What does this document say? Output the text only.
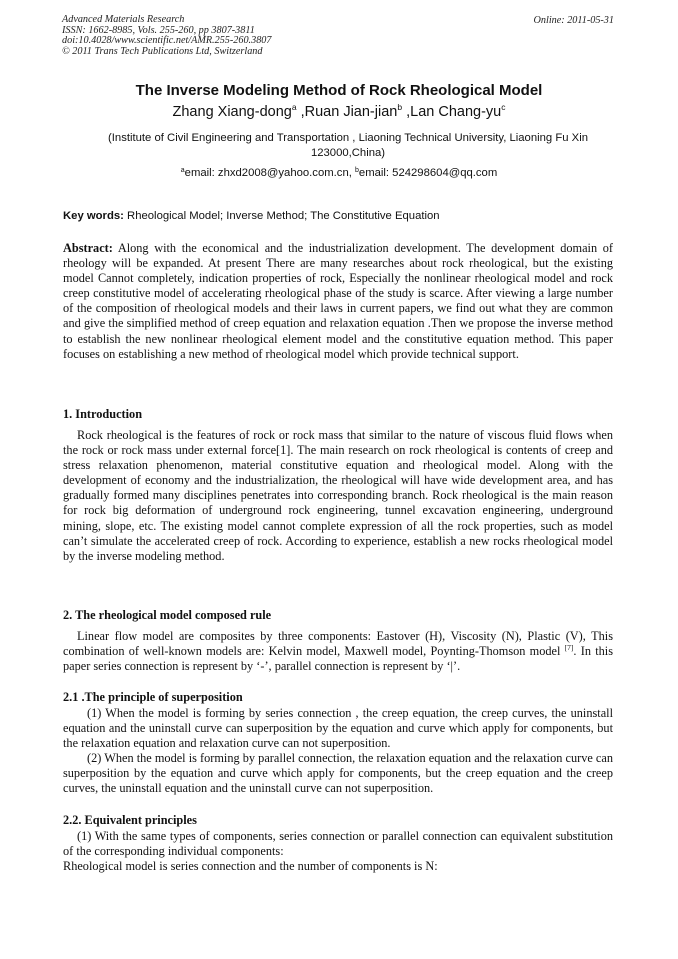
Advanced Materials Research
ISSN: 1662-8985, Vols. 255-260, pp 3807-3811
doi:10.4028/www.scientific.net/AMR.255-260.3807
© 2011 Trans Tech Publications Ltd, Switzerland
Online: 2011-05-31
The Inverse Modeling Method of Rock Rheological Model
Zhang Xiang-dong$^a$ ,Ruan Jian-jian$^b$ ,Lan Chang-$yu^c$
(Institute of Civil Engineering and Transportation , Liaoning Technical University, Liaoning Fu Xin 123000,China)
$^a$email: zhxd2008@yahoo.com.cn, $^b$email: 524298604@qq.com
Key words: Rheological Model; Inverse Method; The Constitutive Equation

Abstract: Along with the economical and the industrialization development. The development domain of rheology will be expanded. At present There are many researches about rock rheological, but the existing model Cannot completely, indication properties of rock, Especially the nonlinear rheological model and rock creep constitutive model of accelerating rheological phase of the study is scarce. After viewing a large number of the composition of rheological models and their laws in current papers, we find out what they are common and give the simplified method of creep equation and relaxation equation .Then we propose the inverse method to establish the new nonlinear rheological element model and the constitutive equation method. This paper focuses on establishing a new method of rheological model which provide technical support.

1. Introduction

Rock rheological is the features of rock or rock mass that similar to the nature of viscous fluid flows when the rock or rock mass under external force[1]. The main research on rock rheological is contents of creep and stress relaxation phenomenon, material constitutive equation and rheological model. Along with the development of economy and the industrialization, the rheological will have wide development area, and has gradually formed many disciplines penetrates into corresponding branch. Rock rheological is the main reason for rock big deformation of underground rock engineering, tunnel excavation engineering, underground mining, slope, etc. The existing model cannot complete expression of all the rock properties, such as model can’t simulate the accelerated creep of rock. According to experience, establish a new rocks rheological model by the inverse modeling method.

2. The rheological model composed rule

Linear flow model are composites by three components: Eastover (H), Viscosity (N), Plastic (V), This combination of well-known models are: Kelvin model, Maxwell model, Poynting-Thomson model [7]. In this paper series connection is represent by ‘-’, parallel connection is represent by ‘|’.

2.1 .The principle of superposition

(1) When the model is forming by series connection , the creep equation, the creep curves, the uninstall equation and the uninstall curve can superposition by the equation and curve which apply for components, but the relaxation equation and relaxation curve can not superposition.

(2) When the model is forming by parallel connection, the relaxation equation and the relaxation curve can superposition by the equation and curve which apply for components, but the creep equation and the creep curves, the uninstall equation and the uninstall curve can not superposition.

2.2. Equivalent principles

(1) With the same types of components, series connection or parallel connection can equivalent substitution of the corresponding individual components:

Rheological model is series connection and the number of components is N:
